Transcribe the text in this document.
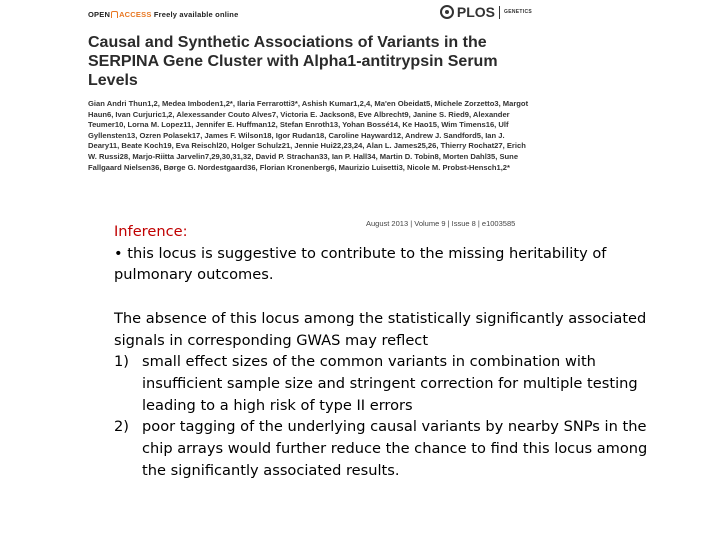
OPEN ACCESS Freely available online	PLOS GENETICS
Causal and Synthetic Associations of Variants in the SERPINA Gene Cluster with Alpha1-antitrypsin Serum Levels
Gian Andri Thun1,2, Medea Imboden1,2*, Ilaria Ferrarotti3*, Ashish Kumar1,2,4, Ma'en Obeidat5, Michele Zorzetto3, Margot Haun6, Ivan Curjuric1,2, Alexessander Couto Alves7, Victoria E. Jackson8, Eve Albrecht9, Janine S. Ried9, Alexander Teumer10, Lorna M. Lopez11, Jennifer E. Huffman12, Stefan Enroth13, Yohan Bossé14, Ke Hao15, Wim Timens16, Ulf Gyllensten13, Ozren Polasek17, James F. Wilson18, Igor Rudan18, Caroline Hayward12, Andrew J. Sandford5, Ian J. Deary11, Beate Koch19, Eva Reischl20, Holger Schulz21, Jennie Hui22,23,24, Alan L. James25,26, Thierry Rochat27, Erich W. Russi28, Marjo-Riitta Jarvelin7,29,30,31,32, David P. Strachan33, Ian P. Hall34, Martin D. Tobin8, Morten Dahl35, Sune Fallgaard Nielsen36, Børge G. Nordestgaard36, Florian Kronenberg6, Maurizio Luisetti3, Nicole M. Probst-Hensch1,2*
August 2013 | Volume 9 | Issue 8 | e1003585
Inference:
• this locus is suggestive to contribute to the missing heritability of
pulmonary outcomes.
The absence of this locus among the statistically significantly associated
signals in corresponding GWAS may reflect
1) small effect sizes of the common variants in combination with insufficient sample size and stringent correction for multiple testing leading to a high risk of type II errors
2) poor tagging of the underlying causal variants by nearby SNPs in the chip arrays would further reduce the chance to find this locus among the significantly associated results.
